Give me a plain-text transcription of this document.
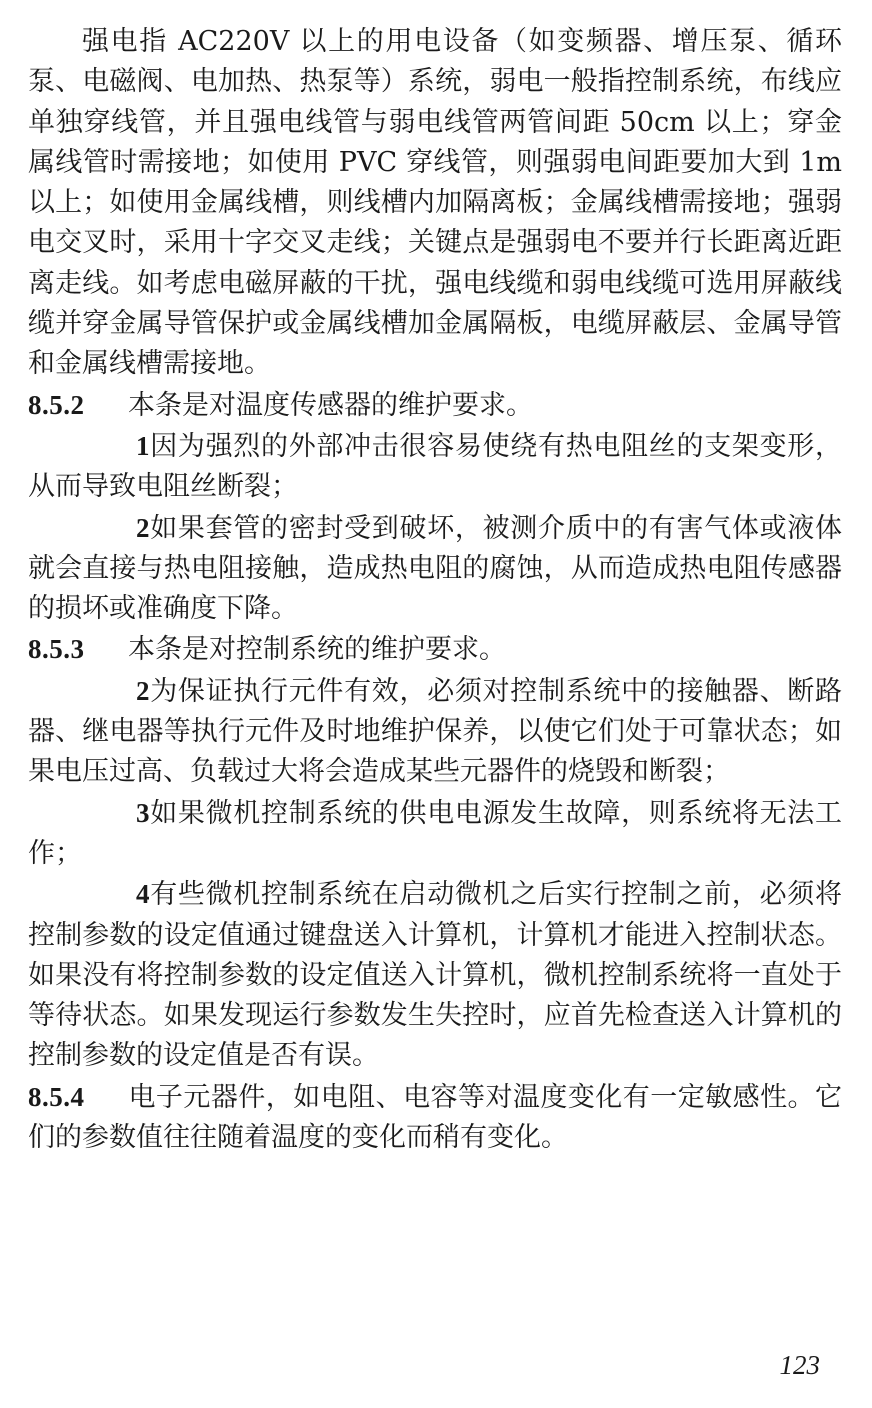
强电指 AC220V 以上的用电设备（如变频器、增压泵、循环泵、电磁阀、电加热、热泵等）系统，弱电一般指控制系统，布线应单独穿线管，并且强电线管与弱电线管两管间距 50cm 以上；穿金属线管时需接地；如使用 PVC 穿线管，则强弱电间距要加大到 1m 以上；如使用金属线槽，则线槽内加隔离板；金属线槽需接地；强弱电交叉时，采用十字交叉走线；关键点是强弱电不要并行长距离近距离走线。如考虑电磁屏蔽的干扰，强电线缆和弱电线缆可选用屏蔽线缆并穿金属导管保护或金属线槽加金属隔板，电缆屏蔽层、金属导管和金属线槽需接地。

8.5.2 本条是对温度传感器的维护要求。

1因为强烈的外部冲击很容易使绕有热电阻丝的支架变形，从而导致电阻丝断裂；

2如果套管的密封受到破坏，被测介质中的有害气体或液体就会直接与热电阻接触，造成热电阻的腐蚀，从而造成热电阻传感器的损坏或准确度下降。

8.5.3 本条是对控制系统的维护要求。

2为保证执行元件有效，必须对控制系统中的接触器、断路器、继电器等执行元件及时地维护保养，以使它们处于可靠状态；如果电压过高、负载过大将会造成某些元器件的烧毁和断裂；

3如果微机控制系统的供电电源发生故障，则系统将无法工作；

4有些微机控制系统在启动微机之后实行控制之前，必须将控制参数的设定值通过键盘送入计算机，计算机才能进入控制状态。如果没有将控制参数的设定值送入计算机，微机控制系统将一直处于等待状态。如果发现运行参数发生失控时，应首先检查送入计算机的控制参数的设定值是否有误。

8.5.4 电子元器件，如电阻、电容等对温度变化有一定敏感性。它们的参数值往往随着温度的变化而稍有变化。

123
